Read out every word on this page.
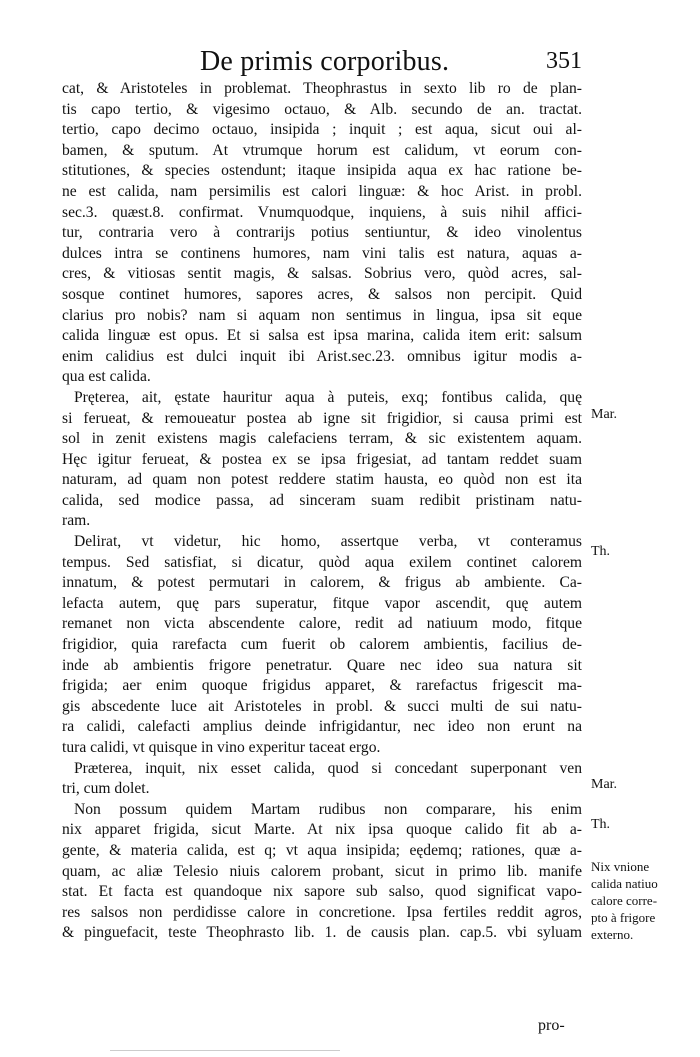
De primis corporibus.	351

cat, & Aristoteles in problemat. Theophrastus in sexto lib ro de plan-
tis capo tertio, & vigesimo octauo, & Alb. secundo de an. tractat.
tertio, capo decimo octauo, insipida ; inquit ; est aqua, sicut oui al-
bamen, & sputum. At vtrumque horum est calidum, vt eorum con-
stitutiones, & species ostendunt; itaque insipida aqua ex hac ratione be-
ne est calida, nam persimilis est calori linguæ: & hoc Arist. in probl.
sec.3. quæst.8. confirmat. Vnumquodque, inquiens, à suis nihil affici-
tur, contraria vero à contrarijs potius sentiuntur, & ideo vinolentus
dulces intra se continens humores, nam vini talis est natura, aquas a-
cres, & vitiosas sentit magis, & salsas. Sobrius vero, quòd acres, sal-
sosque continet humores, sapores acres, & salsos non percipit. Quid
clarius pro nobis? nam si aquam non sentimus in lingua, ipsa sit eque
calida linguæ est opus. Et si salsa est ipsa marina, calida item erit: salsum
enim calidius est dulci inquit ibi Arist.sec.23. omnibus igitur modis a-
qua est calida.

Pręterea, ait, ęstate hauritur aqua à puteis, exq; fontibus calida, quę
si ferueat, & remoueatur postea ab igne sit frigidior, si causa primi est
sol in zenit existens magis calefaciens terram, & sic existentem aquam.
Hęc igitur ferueat, & postea ex se ipsa frigesiat, ad tantam reddet suam
naturam, ad quam non potest reddere statim hausta, eo quòd non est ita
calida, sed modice passa, ad sinceram suam redibit pristinam natu-
ram.

Delirat, vt videtur, hic homo, assertque verba, vt conteramus
tempus. Sed satisfiat, si dicatur, quòd aqua exilem continet calorem
innatum, & potest permutari in calorem, & frigus ab ambiente. Ca-
lefacta autem, quę pars superatur, fitque vapor ascendit, quę autem
remanet non victa abscendente calore, redit ad natiuum modo, fitque
frigidior, quia rarefacta cum fuerit ob calorem ambientis, facilius de-
inde ab ambientis frigore penetratur. Quare nec ideo sua natura sit
frigida; aer enim quoque frigidus apparet, & rarefactus frigescit ma-
gis abscedente luce ait Aristoteles in probl. & succi multi de sui natu-
ra calidi, calefacti amplius deinde infrigidantur, nec ideo non erunt na
tura calidi, vt quisque in vino experitur taceat ergo.

Præterea, inquit, nix esset calida, quod si concedant superponant ven
tri, cum dolet.

Non possum quidem Martam rudibus non comparare, his enim
nix apparet frigida, sicut Marte. At nix ipsa quoque calido fit ab a-
gente, & materia calida, est q; vt aqua insipida; eędemq; rationes, quæ a-
quam, ac aliæ Telesio niuis calorem probant, sicut in primo lib. manife
stat. Et facta est quandoque nix sapore sub salso, quod significat vapo-
res salsos non perdidisse calore in concretione. Ipsa fertiles reddit agros,
& pinguefacit, teste Theophrasto lib. 1. de causis plan. cap.5. vbi syluam

Mar.
Th.
Mar.
Th.
Nix vnione
calida natiuo
calore corre-
pto à frigore
externo.
pro-
